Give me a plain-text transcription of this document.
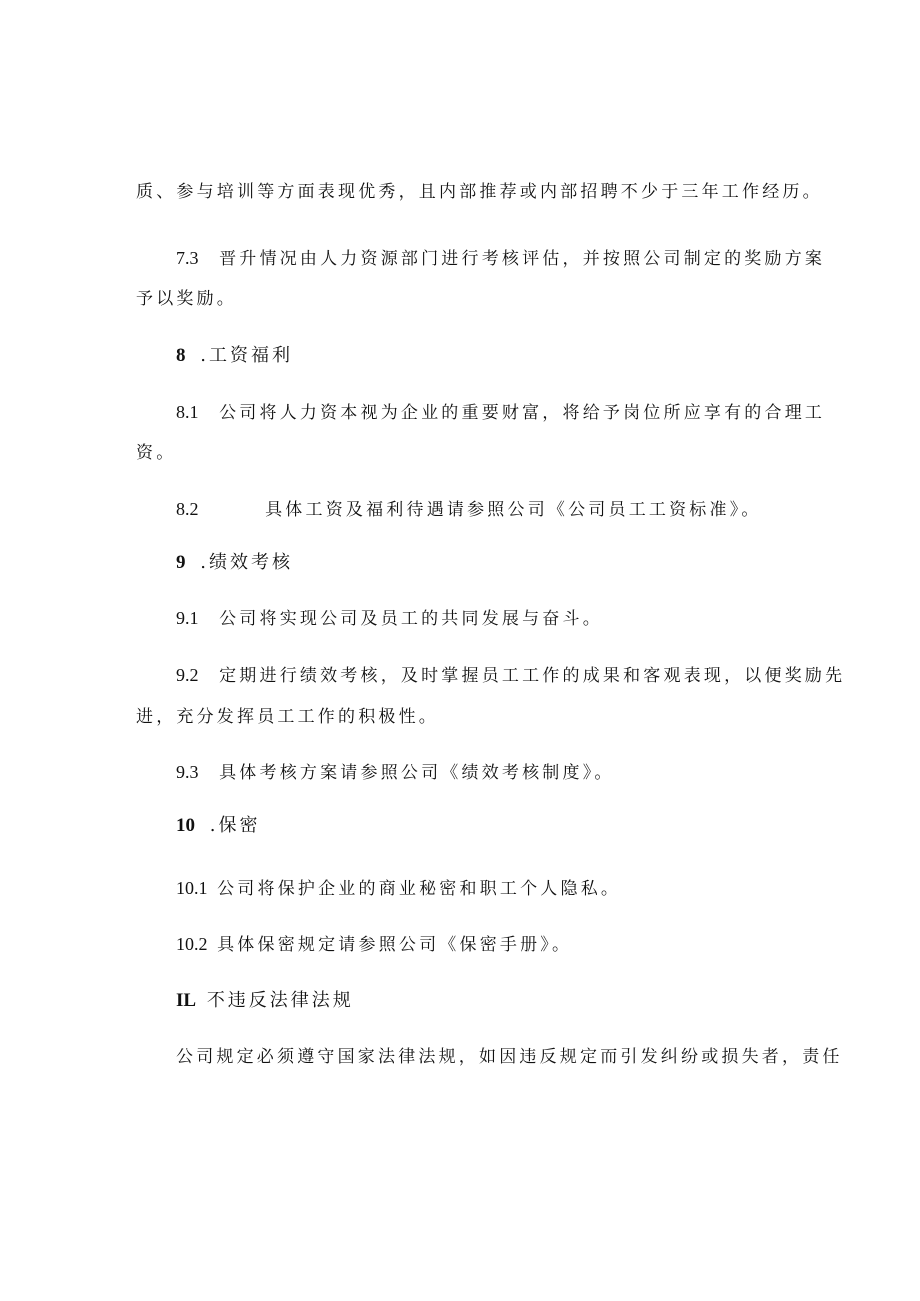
质、参与培训等方面表现优秀，且内部推荐或内部招聘不少于三年工作经历。
7.3 晋升情况由人力资源部门进行考核评估，并按照公司制定的奖励方案
予以奖励。
8 .工资福利
8.1 公司将人力资本视为企业的重要财富，将给予岗位所应享有的合理工
资。
8.2	具体工资及福利待遇请参照公司《公司员工工资标准》。
9 .绩效考核
9.1 公司将实现公司及员工的共同发展与奋斗。
9.2 定期进行绩效考核，及时掌握员工工作的成果和客观表现，以便奖励先
进，充分发挥员工工作的积极性。
9.3 具体考核方案请参照公司《绩效考核制度》。
10 .保密
10.1 公司将保护企业的商业秘密和职工个人隐私。
10.2 具体保密规定请参照公司《保密手册》。
IL 不违反法律法规
公司规定必须遵守国家法律法规，如因违反规定而引发纠纷或损失者，责任
